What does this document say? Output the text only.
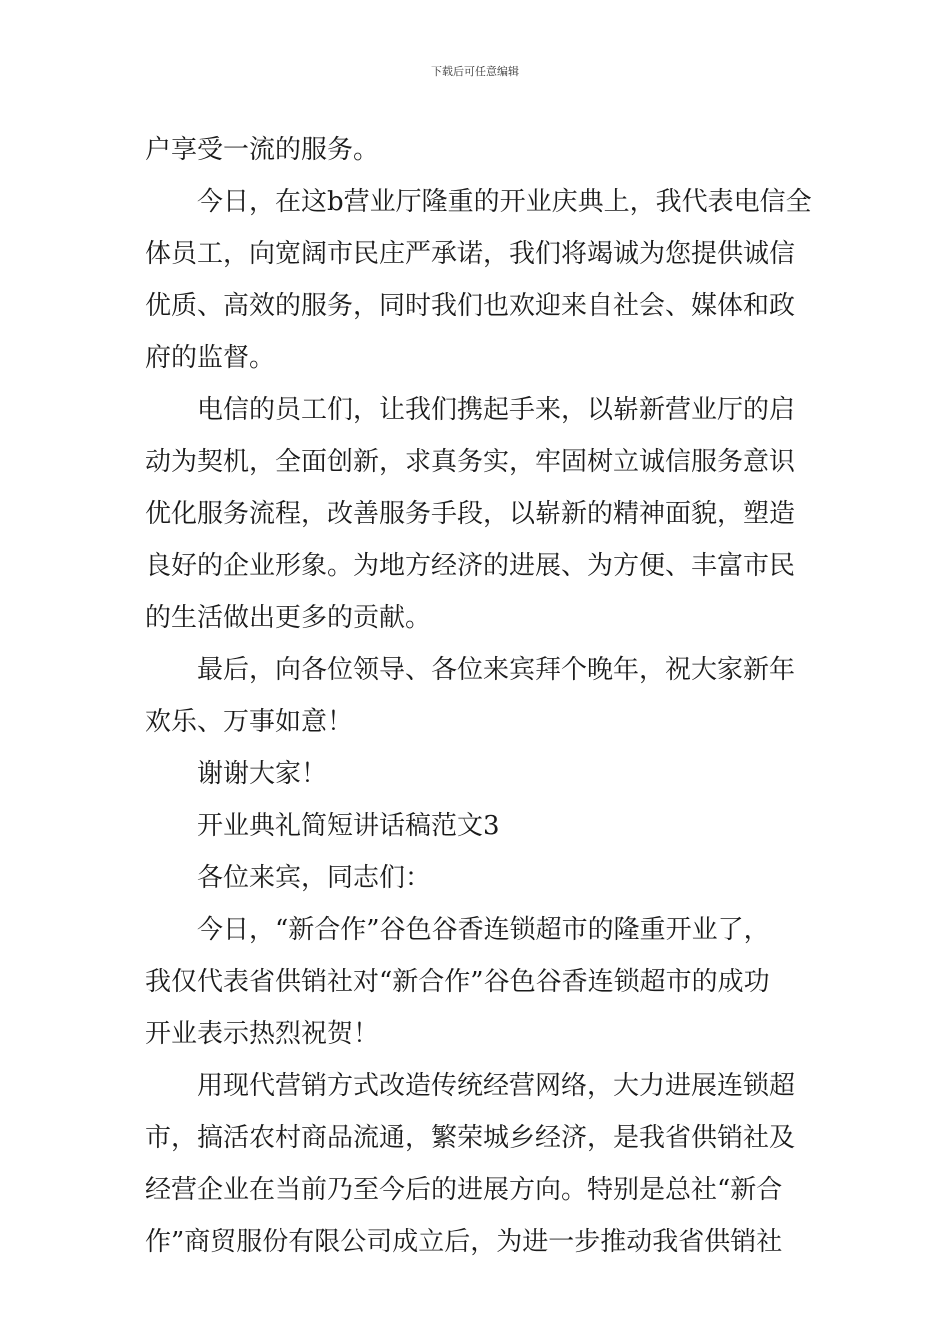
下载后可任意编辑
户享受一流的服务。
今日，在这b营业厅隆重的开业庆典上，我代表电信全
体员工，向宽阔市民庄严承诺，我们将竭诚为您提供诚信
优质、高效的服务，同时我们也欢迎来自社会、媒体和政
府的监督。
电信的员工们，让我们携起手来，以崭新营业厅的启
动为契机，全面创新，求真务实，牢固树立诚信服务意识
优化服务流程，改善服务手段，以崭新的精神面貌，塑造
良好的企业形象。为地方经济的进展、为方便、丰富市民
的生活做出更多的贡献。
最后，向各位领导、各位来宾拜个晚年，祝大家新年
欢乐、万事如意！
谢谢大家！
开业典礼简短讲话稿范文3
各位来宾，同志们：
今日，“新合作”谷色谷香连锁超市的隆重开业了，
我仅代表省供销社对“新合作”谷色谷香连锁超市的成功
开业表示热烈祝贺！
用现代营销方式改造传统经营网络，大力进展连锁超
市，搞活农村商品流通，繁荣城乡经济，是我省供销社及
经营企业在当前乃至今后的进展方向。特别是总社“新合
作”商贸服份有限公司成立后，为进一步推动我省供销社
